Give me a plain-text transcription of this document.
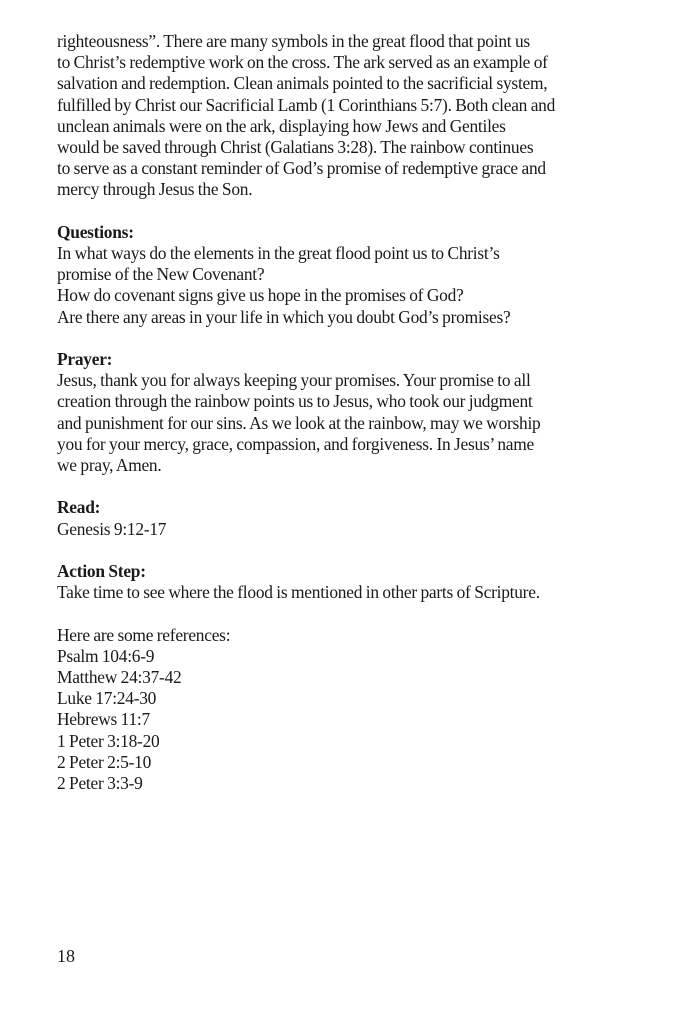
righteousness”. There are many symbols in the great flood that point us
to Christ’s redemptive work on the cross. The ark served as an example of
salvation and redemption. Clean animals pointed to the sacrificial system,
fulfilled by Christ our Sacrificial Lamb (1 Corinthians 5:7). Both clean and
unclean animals were on the ark, displaying how Jews and Gentiles
would be saved through Christ (Galatians 3:28). The rainbow continues
to serve as a constant reminder of God’s promise of redemptive grace and
mercy through Jesus the Son.

Questions:

In what ways do the elements in the great flood point us to Christ’s
promise of the New Covenant?
How do covenant signs give us hope in the promises of God?
Are there any areas in your life in which you doubt God’s promises?

Prayer:

Jesus, thank you for always keeping your promises. Your promise to all
creation through the rainbow points us to Jesus, who took our judgment
and punishment for our sins. As we look at the rainbow, may we worship
you for your mercy, grace, compassion, and forgiveness. In Jesus’ name
we pray, Amen.

Read:

Genesis 9:12-17

Action Step:

Take time to see where the flood is mentioned in other parts of Scripture.

Here are some references:

Psalm 104:6-9
Matthew 24:37-42
Luke 17:24-30
Hebrews 11:7
1 Peter 3:18-20
2 Peter 2:5-10
2 Peter 3:3-9

18
